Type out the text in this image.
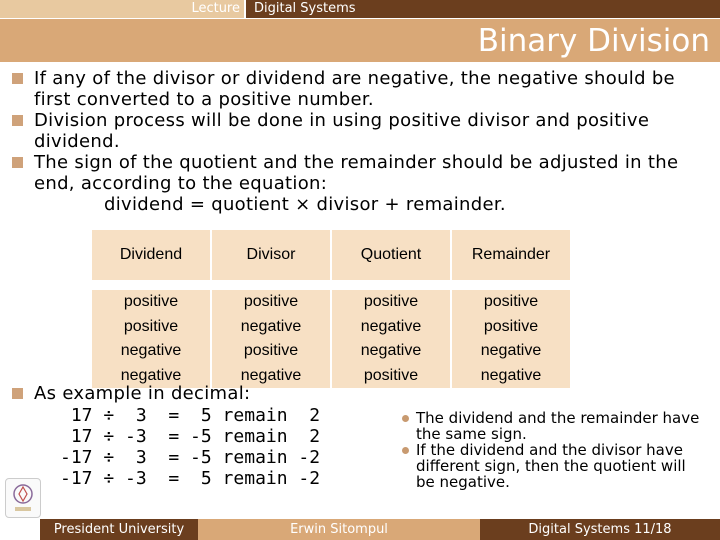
Lecture	Digital Systems
Binary Division
If any of the divisor or dividend are negative, the negative should be first converted to a positive number.
Division process will be done in using positive divisor and positive dividend.
The sign of the quotient and the remainder should be adjusted in the end, according to the equation:
dividend = quotient × divisor + remainder.
Dividend	Divisor	Quotient	Remainder

positive	positive	positive	positive
positive	negative	negative	positive
negative	positive	negative	negative
negative	negative	positive	negative
As example in decimal:
17 ÷  3  =  5 remain  2
17 ÷ -3  = -5 remain  2
-17 ÷  3  = -5 remain -2
-17 ÷ -3  =  5 remain -2
The dividend and the remainder have the same sign.
If the dividend and the divisor have different sign, then the quotient will be negative.
President University	Erwin Sitompul	Digital Systems 11/18
